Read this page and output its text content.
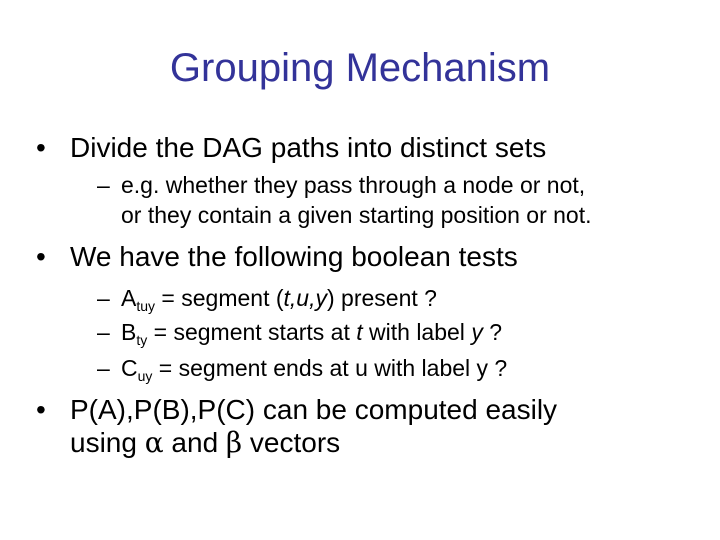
Grouping Mechanism
• Divide the DAG paths into distinct sets
– e.g. whether they pass through a node or not,
or they contain a given starting position or not.
• We have the following boolean tests
– $A_{tuy}$ = segment (t,u,y) present ?
– $B_{ty}$ = segment starts at t with label y ?
– $C_{uy}$ = segment ends at u with label y ?
• P(A),P(B),P(C) can be computed easily
using α and β vectors
